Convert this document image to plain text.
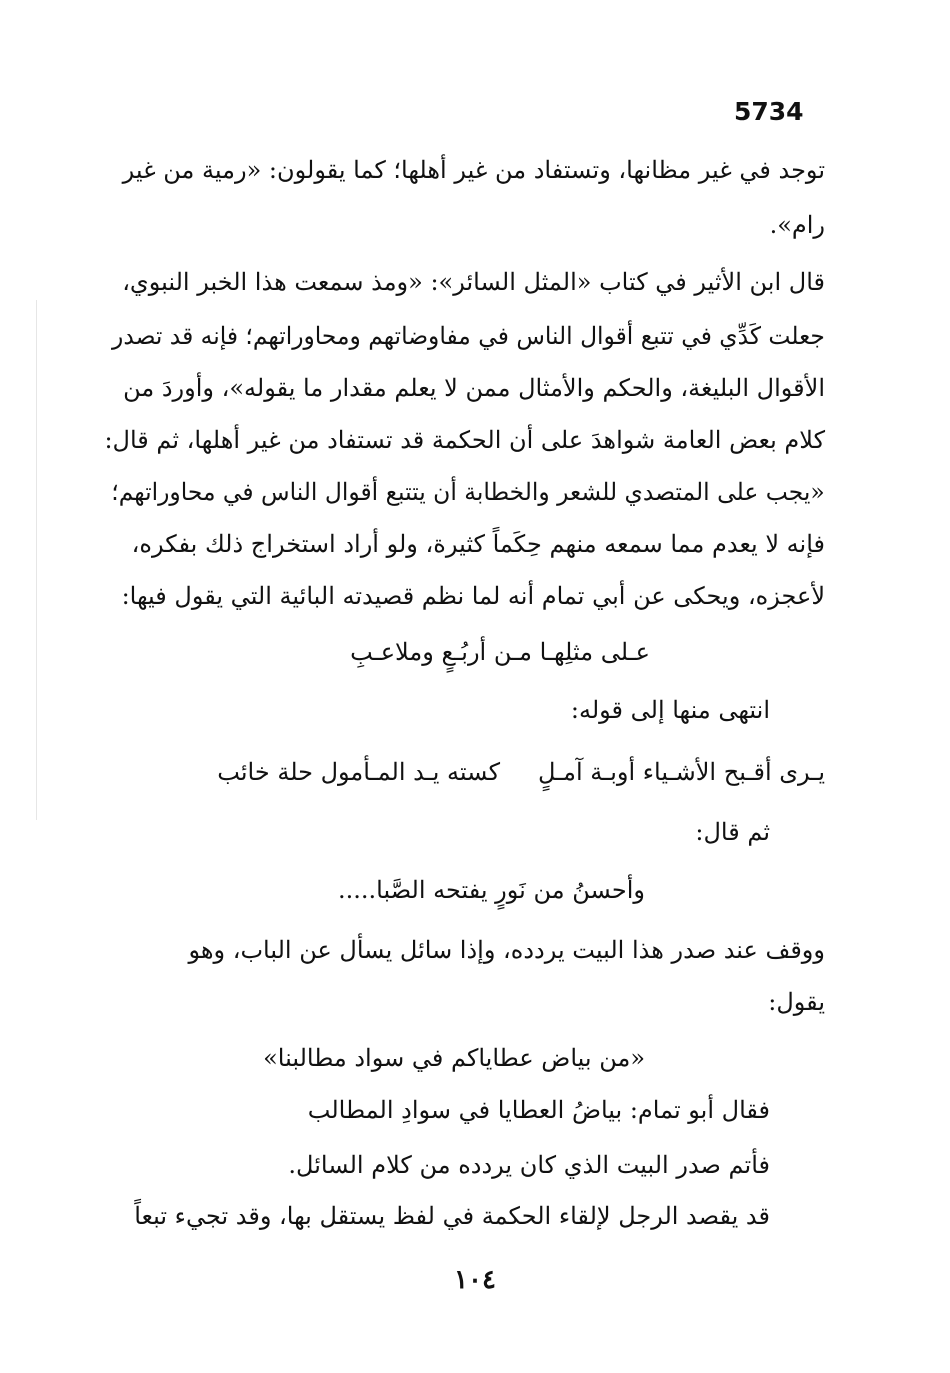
5734
توجد في غير مظانها، وتستفاد من غير أهلها؛ كما يقولون: «رمية من غير
رام».
قال ابن الأثير في كتاب «المثل السائر»: «ومذ سمعت هذا الخبر النبوي،
جعلت كَدِّي في تتبع أقوال الناس في مفاوضاتهم ومحاوراتهم؛ فإنه قد تصدر
الأقوال البليغة، والحكم والأمثال ممن لا يعلم مقدار ما يقوله»، وأوردَ من
كلام بعض العامة شواهدَ على أن الحكمة قد تستفاد من غير أهلها، ثم قال:
«يجب على المتصدي للشعر والخطابة أن يتتبع أقوال الناس في محاوراتهم؛
فإنه لا يعدم مما سمعه منهم حِكَماً كثيرة، ولو أراد استخراج ذلك بفكره،
لأعجزه، ويحكى عن أبي تمام أنه لما نظم قصيدته البائية التي يقول فيها:
عـلى مثلِهـا مـن أربُـعٍ وملاعـبِ
انتهى منها إلى قوله:
يـرى أقـبح الأشـياء أوبـة آمـلٍ
كسته يـد المـأمول حلة خائب
ثم قال:
وأحسنُ من نَورٍ يفتحه الصَّبا.....
ووقف عند صدر هذا البيت يردده، وإذا سائل يسأل عن الباب، وهو
يقول:
«من بياض عطاياكم في سواد مطالبنا»
فقال أبو تمام: بياضُ العطايا في سوادِ المطالب
فأتم صدر البيت الذي كان يردده من كلام السائل.
قد يقصد الرجل لإلقاء الحكمة في لفظ يستقل بها، وقد تجيء تبعاً
١٠٤
